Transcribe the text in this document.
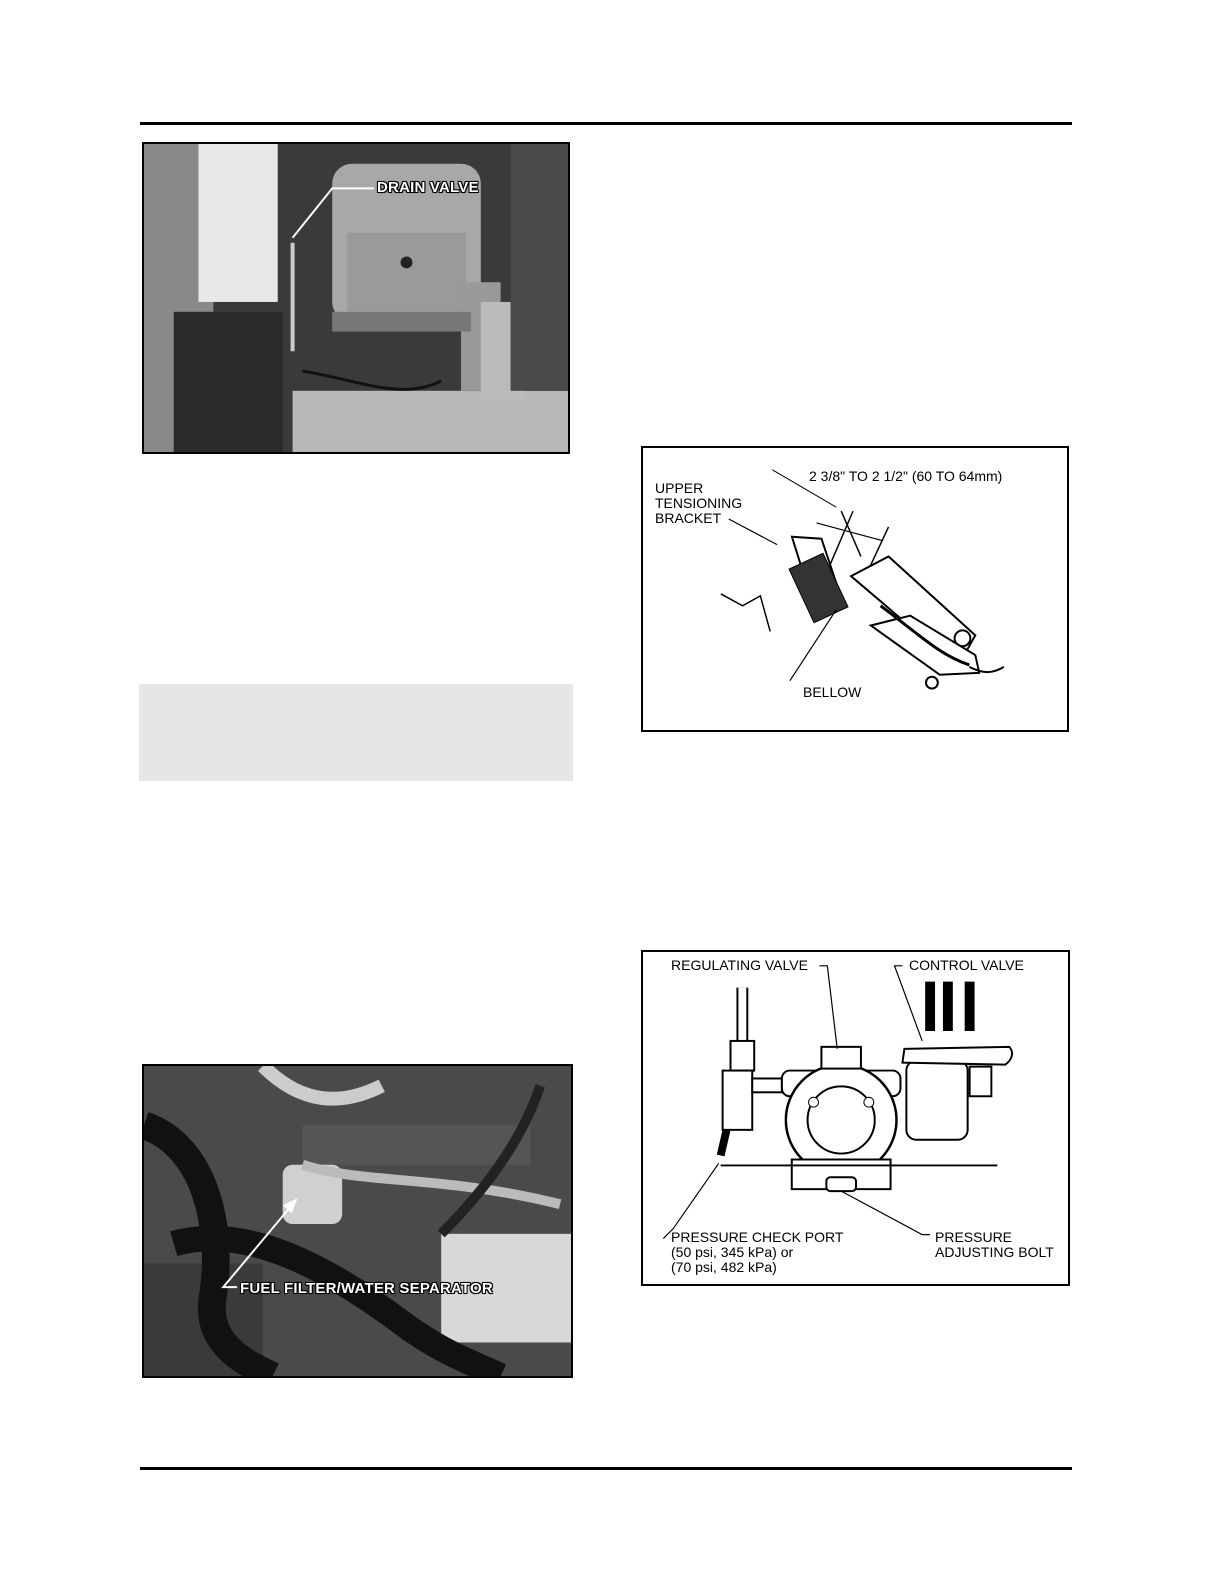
DRAIN VALVE
FUEL FILTER/WATER SEPARATOR
2 3/8" TO 2 1/2" (60 TO 64mm)
UPPER
TENSIONING
BRACKET
BELLOW
REGULATING VALVE	CONTROL VALVE
PRESSURE CHECK PORT
(50 psi, 345 kPa) or
(70 psi, 482 kPa)
PRESSURE
ADJUSTING BOLT
